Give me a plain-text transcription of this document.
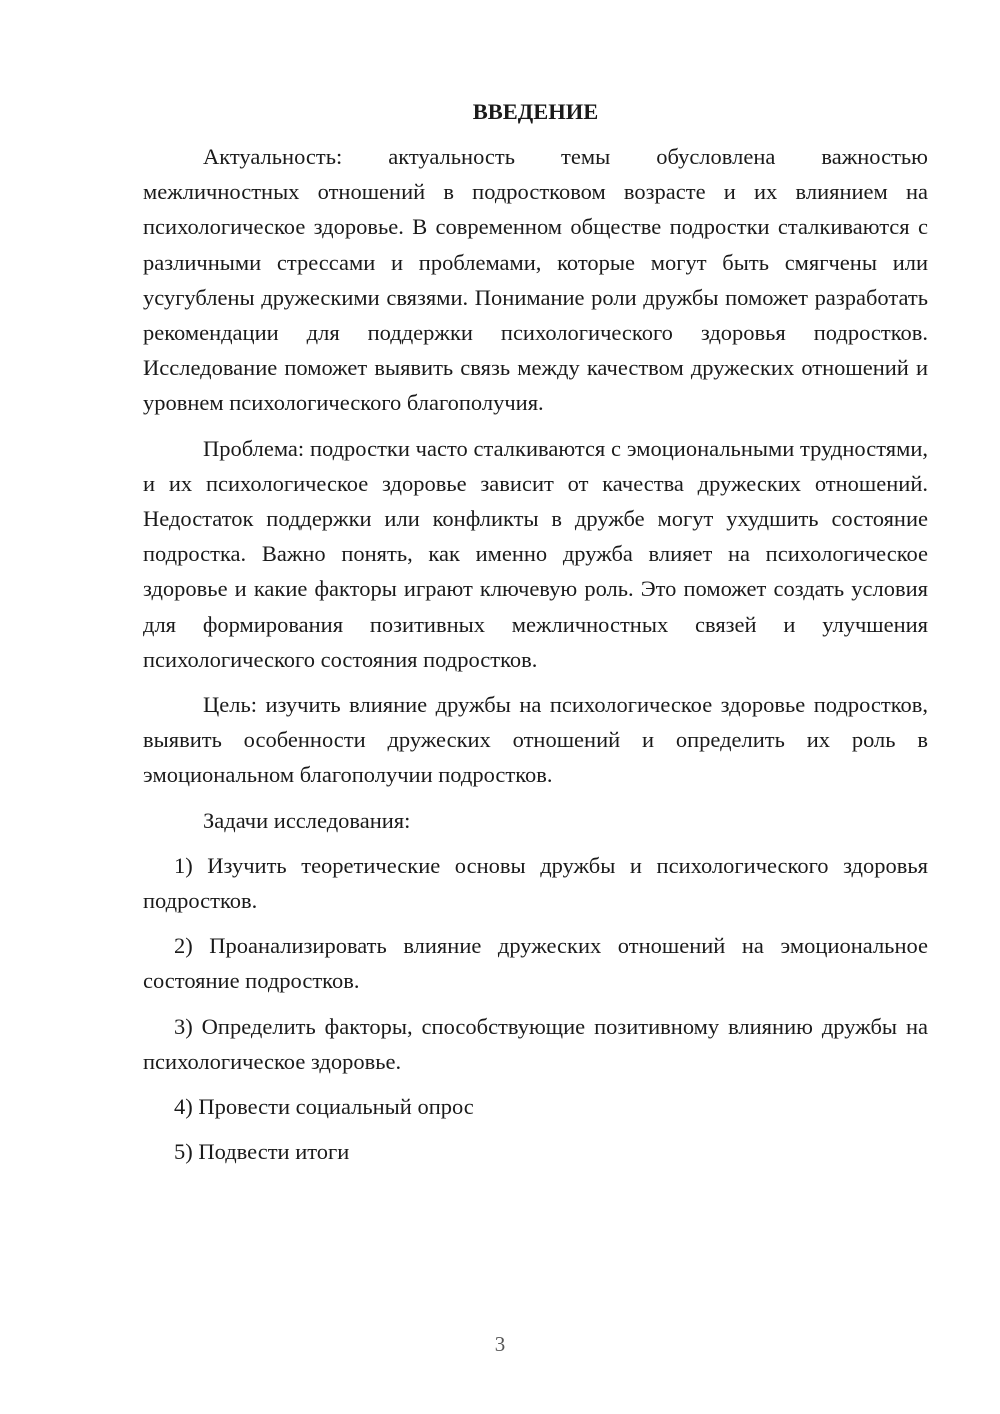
ВВЕДЕНИЕ

Актуальность: актуальность темы обусловлена важностью межличностных отношений в подростковом возрасте и их влиянием на психологическое здоровье. В современном обществе подростки сталкиваются с различными стрессами и проблемами, которые могут быть смягчены или усугублены дружескими связями. Понимание роли дружбы поможет разработать рекомендации для поддержки психологического здоровья подростков. Исследование поможет выявить связь между качеством дружеских отношений и уровнем психологического благополучия.

Проблема: подростки часто сталкиваются с эмоциональными трудностями, и их психологическое здоровье зависит от качества дружеских отношений. Недостаток поддержки или конфликты в дружбе могут ухудшить состояние подростка. Важно понять, как именно дружба влияет на психологическое здоровье и какие факторы играют ключевую роль. Это поможет создать условия для формирования позитивных межличностных связей и улучшения психологического состояния подростков.

Цель: изучить влияние дружбы на психологическое здоровье подростков, выявить особенности дружеских отношений и определить их роль в эмоциональном благополучии подростков.

Задачи исследования:

1) Изучить теоретические основы дружбы и психологического здоровья подростков.

2) Проанализировать влияние дружеских отношений на эмоциональное состояние подростков.

3) Определить факторы, способствующие позитивному влиянию дружбы на психологическое здоровье.

4) Провести социальный опрос

5) Подвести итоги

3
